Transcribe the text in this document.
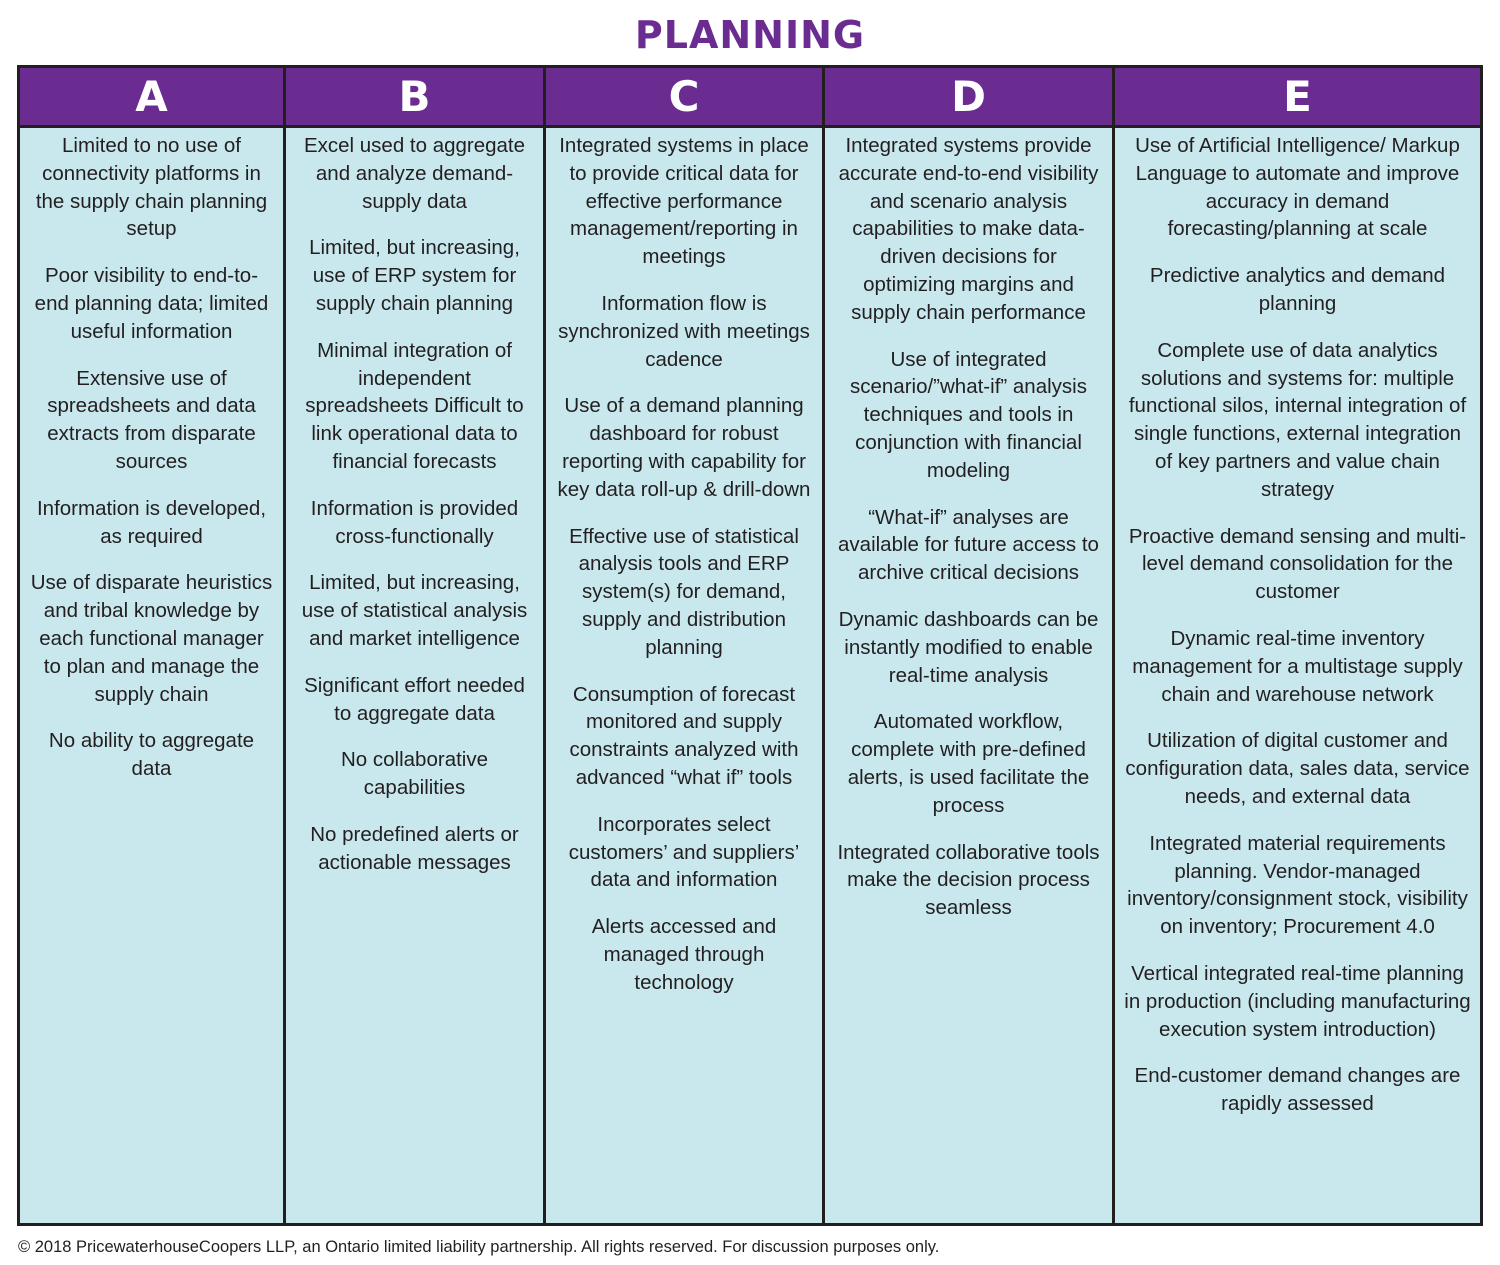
PLANNING
A

Limited to no use of connectivity platforms in the supply chain planning setup

Poor visibility to end-to-end planning data; limited useful information

Extensive use of spreadsheets and data extracts from disparate sources

Information is developed, as required

Use of disparate heuristics and tribal knowledge by each functional manager to plan and manage the supply chain

No ability to aggregate data

B

Excel used to aggregate and analyze demand-supply data

Limited, but increasing, use of ERP system for supply chain planning

Minimal integration of independent spreadsheets Difficult to link operational data to financial forecasts

Information is provided cross-functionally

Limited, but increasing, use of statistical analysis and market intelligence

Significant effort needed to aggregate data

No collaborative capabilities

No predefined alerts or actionable messages

C

Integrated systems in place to provide critical data for effective performance management/reporting in meetings

Information flow is synchronized with meetings cadence

Use of a demand planning dashboard for robust reporting with capability for key data roll-up & drill-down

Effective use of statistical analysis tools and ERP system(s) for demand, supply and distribution planning

Consumption of forecast monitored and supply constraints analyzed with advanced “what if” tools

Incorporates select customers’ and suppliers’ data and information

Alerts accessed and managed through technology

D

Integrated systems provide accurate end-to-end visibility and scenario analysis capabilities to make data-driven decisions for optimizing margins and supply chain performance

Use of integrated scenario/”what-if” analysis techniques and tools in conjunction with financial modeling

“What-if” analyses are available for future access to archive critical decisions

Dynamic dashboards can be instantly modified to enable real-time analysis

Automated workflow, complete with pre-defined alerts, is used facilitate the process

Integrated collaborative tools make the decision process seamless

E

Use of Artificial Intelligence/ Markup Language to automate and improve accuracy in demand forecasting/planning at scale

Predictive analytics and demand planning

Complete use of data analytics solutions and systems for: multiple functional silos, internal integration of single functions, external integration of key partners and value chain strategy

Proactive demand sensing and multi-level demand consolidation for the customer

Dynamic real-time inventory management for a multistage supply chain and warehouse network

Utilization of digital customer and configuration data, sales data, service needs, and external data

Integrated material requirements planning. Vendor-managed inventory/consignment stock, visibility on inventory; Procurement 4.0

Vertical integrated real-time planning in production (including manufacturing execution system introduction)

End-customer demand changes are rapidly assessed

© 2018 PricewaterhouseCoopers LLP, an Ontario limited liability partnership. All rights reserved. For discussion purposes only.
